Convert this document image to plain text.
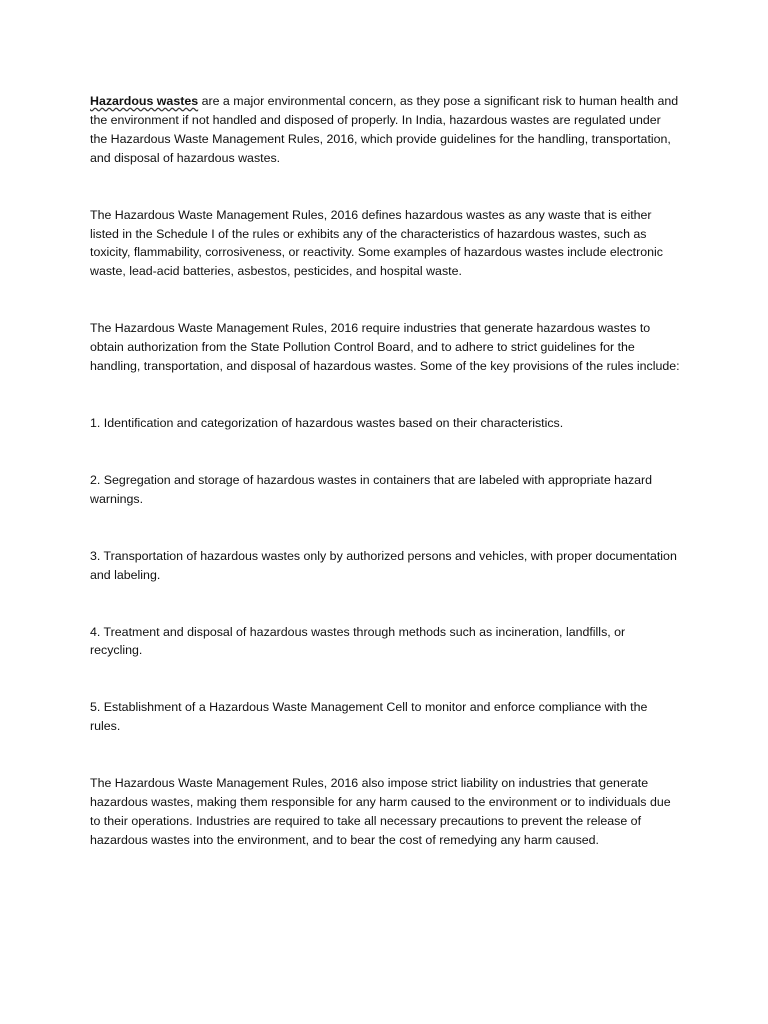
Hazardous wastes are a major environmental concern, as they pose a significant risk to human health and the environment if not handled and disposed of properly. In India, hazardous wastes are regulated under the Hazardous Waste Management Rules, 2016, which provide guidelines for the handling, transportation, and disposal of hazardous wastes.

The Hazardous Waste Management Rules, 2016 defines hazardous wastes as any waste that is either listed in the Schedule I of the rules or exhibits any of the characteristics of hazardous wastes, such as toxicity, flammability, corrosiveness, or reactivity. Some examples of hazardous wastes include electronic waste, lead-acid batteries, asbestos, pesticides, and hospital waste.

The Hazardous Waste Management Rules, 2016 require industries that generate hazardous wastes to obtain authorization from the State Pollution Control Board, and to adhere to strict guidelines for the handling, transportation, and disposal of hazardous wastes. Some of the key provisions of the rules include:

1. Identification and categorization of hazardous wastes based on their characteristics.

2. Segregation and storage of hazardous wastes in containers that are labeled with appropriate hazard warnings.

3. Transportation of hazardous wastes only by authorized persons and vehicles, with proper documentation and labeling.

4. Treatment and disposal of hazardous wastes through methods such as incineration, landfills, or recycling.

5. Establishment of a Hazardous Waste Management Cell to monitor and enforce compliance with the rules.

The Hazardous Waste Management Rules, 2016 also impose strict liability on industries that generate hazardous wastes, making them responsible for any harm caused to the environment or to individuals due to their operations. Industries are required to take all necessary precautions to prevent the release of hazardous wastes into the environment, and to bear the cost of remedying any harm caused.
